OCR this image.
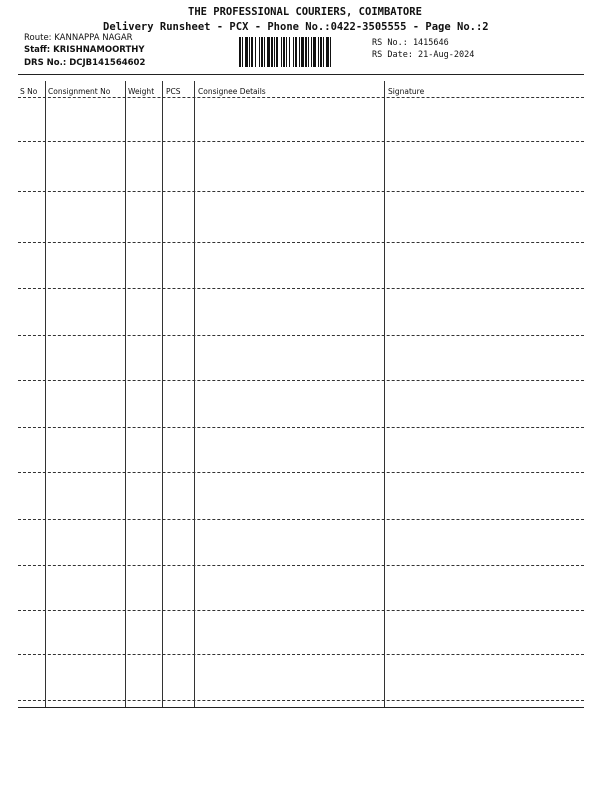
THE PROFESSIONAL COURIERS, COIMBATORE
Delivery Runsheet - PCX - Phone No.:0422-3505555 - Page No.:2
Route: KANNAPPA NAGAR
Staff: KRISHNAMOORTHY
DRS No.: DCJB141564602
RS No.: 1415646
RS Date: 21-Aug-2024
S No Consignment No Weight PCS Consignee Details	Signature
